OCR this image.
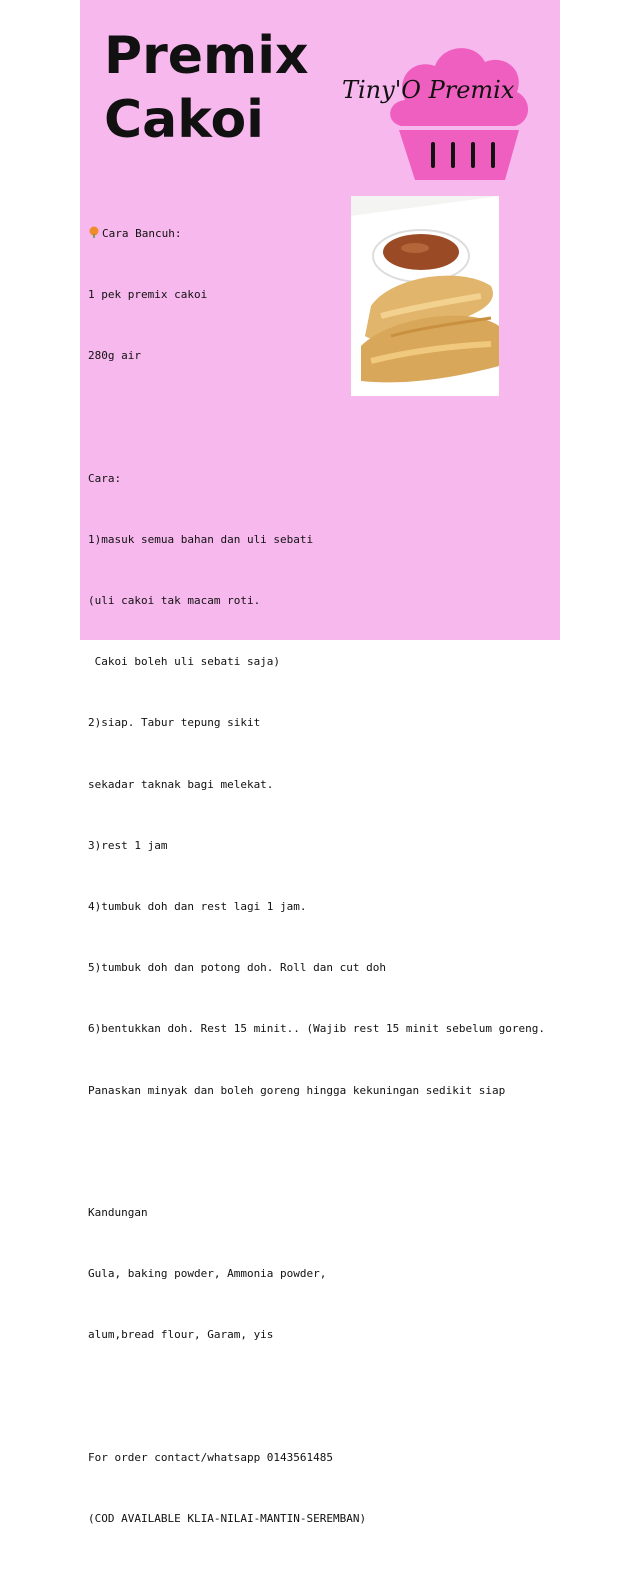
Premix
Cakoi	Tiny'O Premix

Cara Bancuh:

1 pek premix cakoi

280g air

Cara:

1)masuk semua bahan dan uli sebati

(uli cakoi tak macam roti.

Cakoi boleh uli sebati saja)

2)siap. Tabur tepung sikit

sekadar taknak bagi melekat.

3)rest 1 jam

4)tumbuk doh dan rest lagi 1 jam.

5)tumbuk doh dan potong doh. Roll dan cut doh

6)bentukkan doh. Rest 15 minit.. (Wajib rest 15 minit sebelum goreng.

Panaskan minyak dan boleh goreng hingga kekuningan sedikit siap

Kandungan

Gula, baking powder, Ammonia powder,

alum,bread flour, Garam, yis

For order contact/whatsapp 0143561485

(COD AVAILABLE KLIA-NILAI-MANTIN-SEREMBAN)
